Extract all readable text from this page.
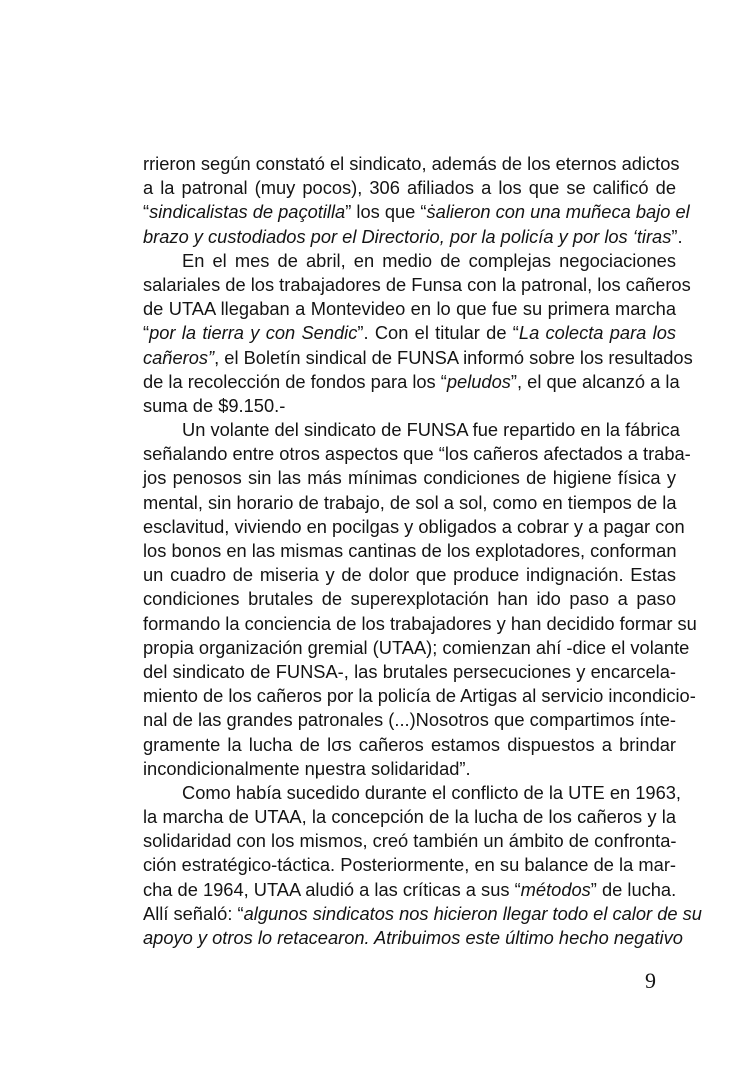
rrieron según constató el sindicato, además de los eternos adictos
a la patronal (muy pocos), 306 afiliados a los que se calificó de
“sindicalistas de paçotilla” los que “ṡalieron con una muñeca bajo el
brazo y custodiados por el Directorio, por la policía y por los ‘tiras”.
En el mes de abril, en medio de complejas negociaciones
salariales de los trabajadores de Funsa con la patronal, los cañeros
de UTAA llegaban a Montevideo en lo que fue su primera marcha
“por la tierra y con Sendic”. Con el titular de “La colecta para los
cañeros”, el Boletín sindical de FUNSA informó sobre los resultados
de la recolección de fondos para los “peludos”, el que alcanzó a la
suma de $9.150.-
Un volante del sindicato de FUNSA fue repartido en la fábrica
señalando entre otros aspectos que “los cañeros afectados a traba-
jos penosos sin las más mínimas condiciones de higiene física y
mental, sin horario de trabajo, de sol a sol, como en tiempos de la
esclavitud, viviendo en pocilgas y obligados a cobrar y a pagar con
los bonos en las mismas cantinas de los explotadores, conforman
un cuadro de miseria y de dolor que produce indignación. Estas
condiciones brutales de superexplotación han ido paso a paso
formando la conciencia de los trabajadores y han decidido formar su
propia organización gremial (UTAA); comienzan ahí -dice el volante
del sindicato de FUNSA-, las brutales persecuciones y encarcela-
miento de los cañeros por la policía de Artigas al servicio incondicio-
nal de las grandes patronales (...)Nosotros que compartimos ínte-
gramente la lucha de lσs cañeros estamos dispuestos a brindar
incondicionalmente nμestra solidaridad”.
Como había sucedido durante el conflicto de la UTE en 1963,
la marcha de UTAA, la concepción de la lucha de los cañeros y la
solidaridad con los mismos, creó también un ámbito de confronta-
ción estratégico-táctica. Posteriormente, en su balance de la mar-
cha de 1964, UTAA aludió a las críticas a sus “métodos” de lucha.
Allí señaló: “algunos sindicatos nos hicieron llegar todo el calor de su
apoyo y otros lo retacearon. Atribuimos este último hecho negativo
9
